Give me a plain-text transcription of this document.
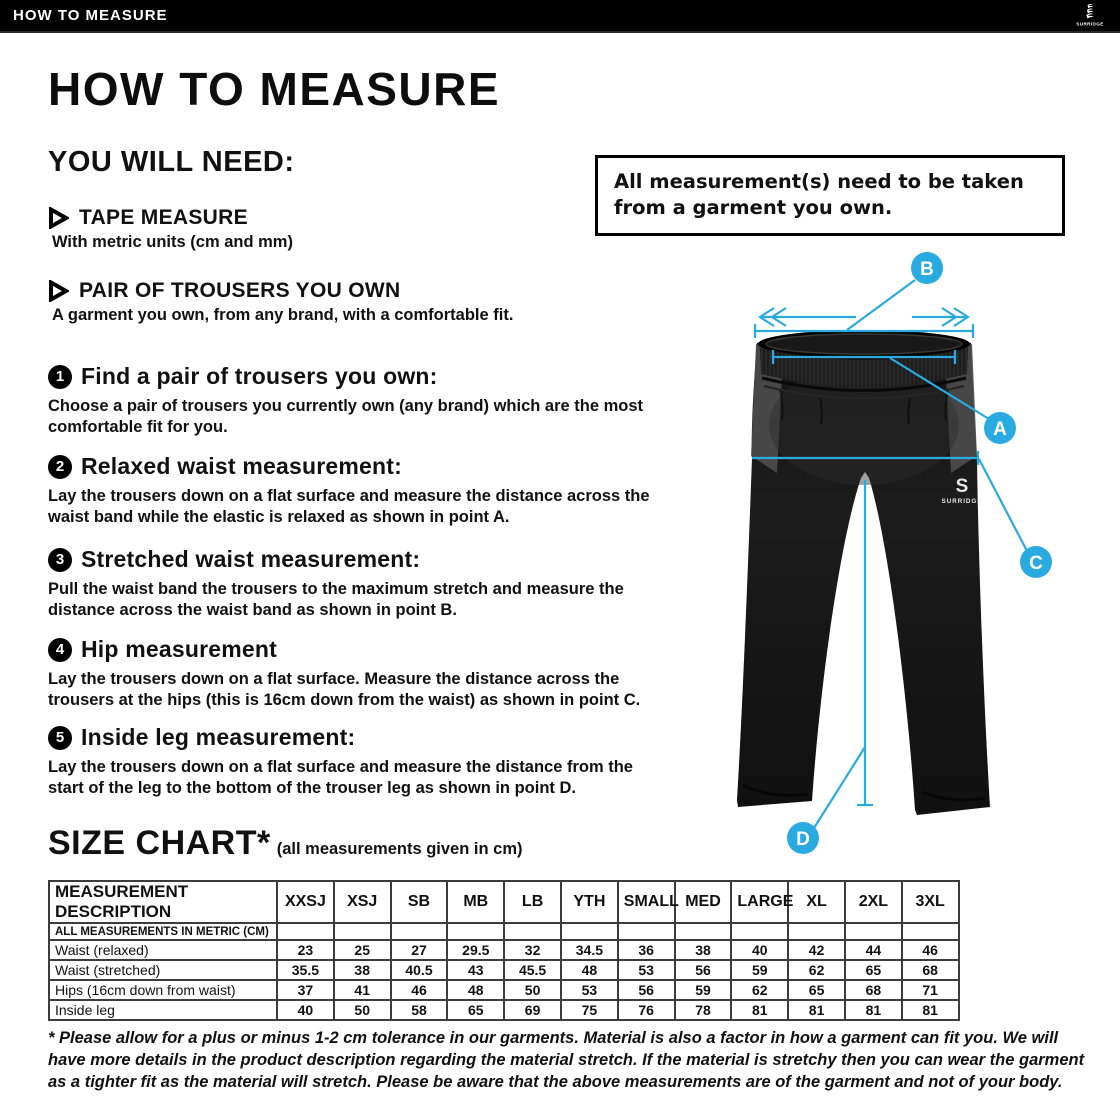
HOW TO MEASURE	SURRIDGE
HOW TO MEASURE
YOU WILL NEED:
TAPE MEASURE
With metric units (cm and mm)
PAIR OF TROUSERS YOU OWN
A garment you own, from any brand, with a comfortable fit.
All measurement(s) need to be taken from a garment you own.
1 Find a pair of trousers you own:
Choose a pair of trousers you currently own (any brand) which are the most comfortable fit for you.
2 Relaxed waist measurement:
Lay the trousers down on a flat surface and measure the distance across the waist band while the elastic is relaxed as shown in point A.
3 Stretched waist measurement:
Pull the waist band the trousers to the maximum stretch and measure the distance across the waist band as shown in point B.
4 Hip measurement
Lay the trousers down on a flat surface. Measure the distance across the trousers at the hips (this is 16cm down from the waist) as shown in point C.
5 Inside leg measurement:
Lay the trousers down on a flat surface and measure the distance from the start of the leg to the bottom of the trouser leg as shown in point D.
S
SURRIDGE
B
A
C
D
SIZE CHART* (all measurements given in cm)
MEASUREMENT DESCRIPTION	XXSJ	XSJ	SB	MB	LB	YTH	SMALL	MED	LARGE	XL	2XL	3XL
ALL MEASUREMENTS IN METRIC (CM)												
Waist (relaxed)	23	25	27	29.5	32	34.5	36	38	40	42	44	46
Waist (stretched)	35.5	38	40.5	43	45.5	48	53	56	59	62	65	68
Hips (16cm down from waist)	37	41	46	48	50	53	56	59	62	65	68	71
Inside leg	40	50	58	65	69	75	76	78	81	81	81	81
* Please allow for a plus or minus 1-2 cm tolerance in our garments. Material is also a factor in how a garment can fit you. We will have more details in the product description regarding the material stretch. If the material is stretchy then you can wear the garment as a tighter fit as the material will stretch. Please be aware that the above measurements are of the garment and not of your body.
